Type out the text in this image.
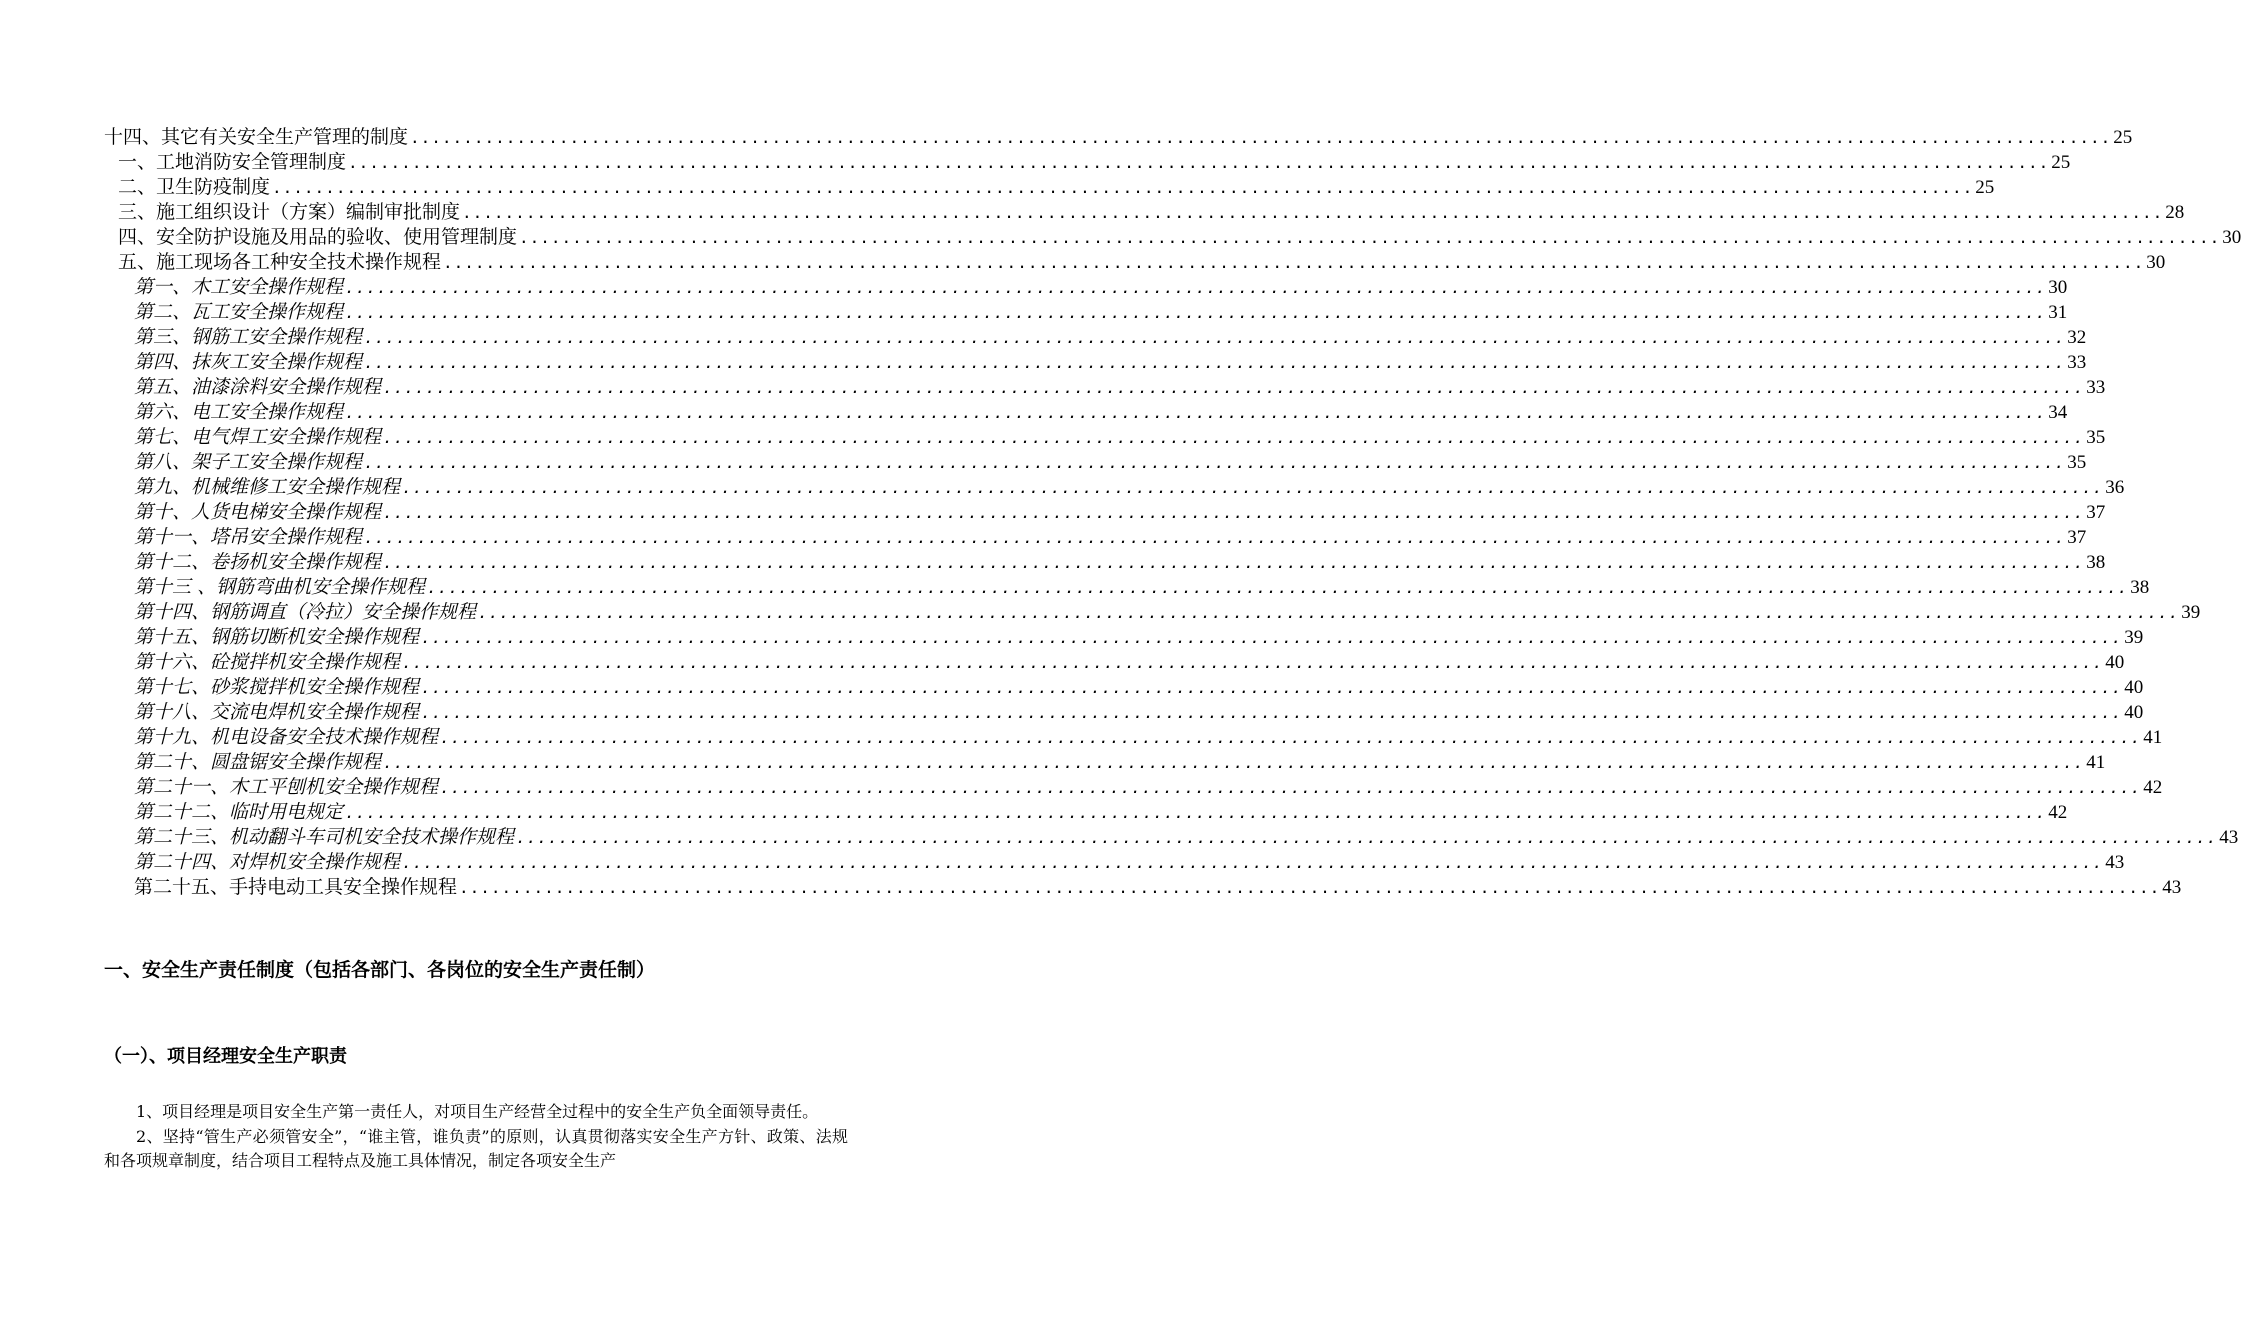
十四、其它有关安全生产管理的制度 ................................................................................................................................................................ 25
一、工地消防安全管理制度 ................................................................................................................................................................ 25
二、卫生防疫制度 ................................................................................................................................................................ 25
三、施工组织设计（方案）编制审批制度 ................................................................................................................................................................ 28
四、安全防护设施及用品的验收、使用管理制度 ................................................................................................................................................................ 30
五、施工现场各工种安全技术操作规程 ................................................................................................................................................................ 30
第一、木工安全操作规程 ................................................................................................................................................................ 30
第二、瓦工安全操作规程 ................................................................................................................................................................ 31
第三、钢筋工安全操作规程 ................................................................................................................................................................ 32
第四、抹灰工安全操作规程 ................................................................................................................................................................ 33
第五、油漆涂料安全操作规程 ................................................................................................................................................................ 33
第六、电工安全操作规程 ................................................................................................................................................................ 34
第七、电气焊工安全操作规程 ................................................................................................................................................................ 35
第八、架子工安全操作规程 ................................................................................................................................................................ 35
第九、机械维修工安全操作规程 ................................................................................................................................................................ 36
第十、人货电梯安全操作规程 ................................................................................................................................................................ 37
第十一、塔吊安全操作规程 ................................................................................................................................................................ 37
第十二、卷扬机安全操作规程 ................................................................................................................................................................ 38
第十三 、钢筋弯曲机安全操作规程 ................................................................................................................................................................ 38
第十四、钢筋调直（冷拉）安全操作规程 ................................................................................................................................................................ 39
第十五、钢筋切断机安全操作规程 ................................................................................................................................................................ 39
第十六、砼搅拌机安全操作规程 ................................................................................................................................................................ 40
第十七、砂浆搅拌机安全操作规程 ................................................................................................................................................................ 40
第十八、交流电焊机安全操作规程 ................................................................................................................................................................ 40
第十九、机电设备安全技术操作规程 ................................................................................................................................................................ 41
第二十、圆盘锯安全操作规程 ................................................................................................................................................................ 41
第二十一、木工平刨机安全操作规程 ................................................................................................................................................................ 42
第二十二、临时用电规定 ................................................................................................................................................................ 42
第二十三、机动翻斗车司机安全技术操作规程 ................................................................................................................................................................ 43
第二十四、对焊机安全操作规程 ................................................................................................................................................................ 43
第二十五、手持电动工具安全操作规程 ................................................................................................................................................................ 43
一、安全生产责任制度（包括各部门、各岗位的安全生产责任制）
（一）、项目经理安全生产职责

1、项目经理是项目安全生产第一责任人，对项目生产经营全过程中的安全生产负全面领导责任。

2、坚持“管生产必须管安全”，“谁主管，谁负责”的原则，认真贯彻落实安全生产方针、政策、法规和各项规章制度，结合项目工程特点及施工具体情况，制定各项安全生产
